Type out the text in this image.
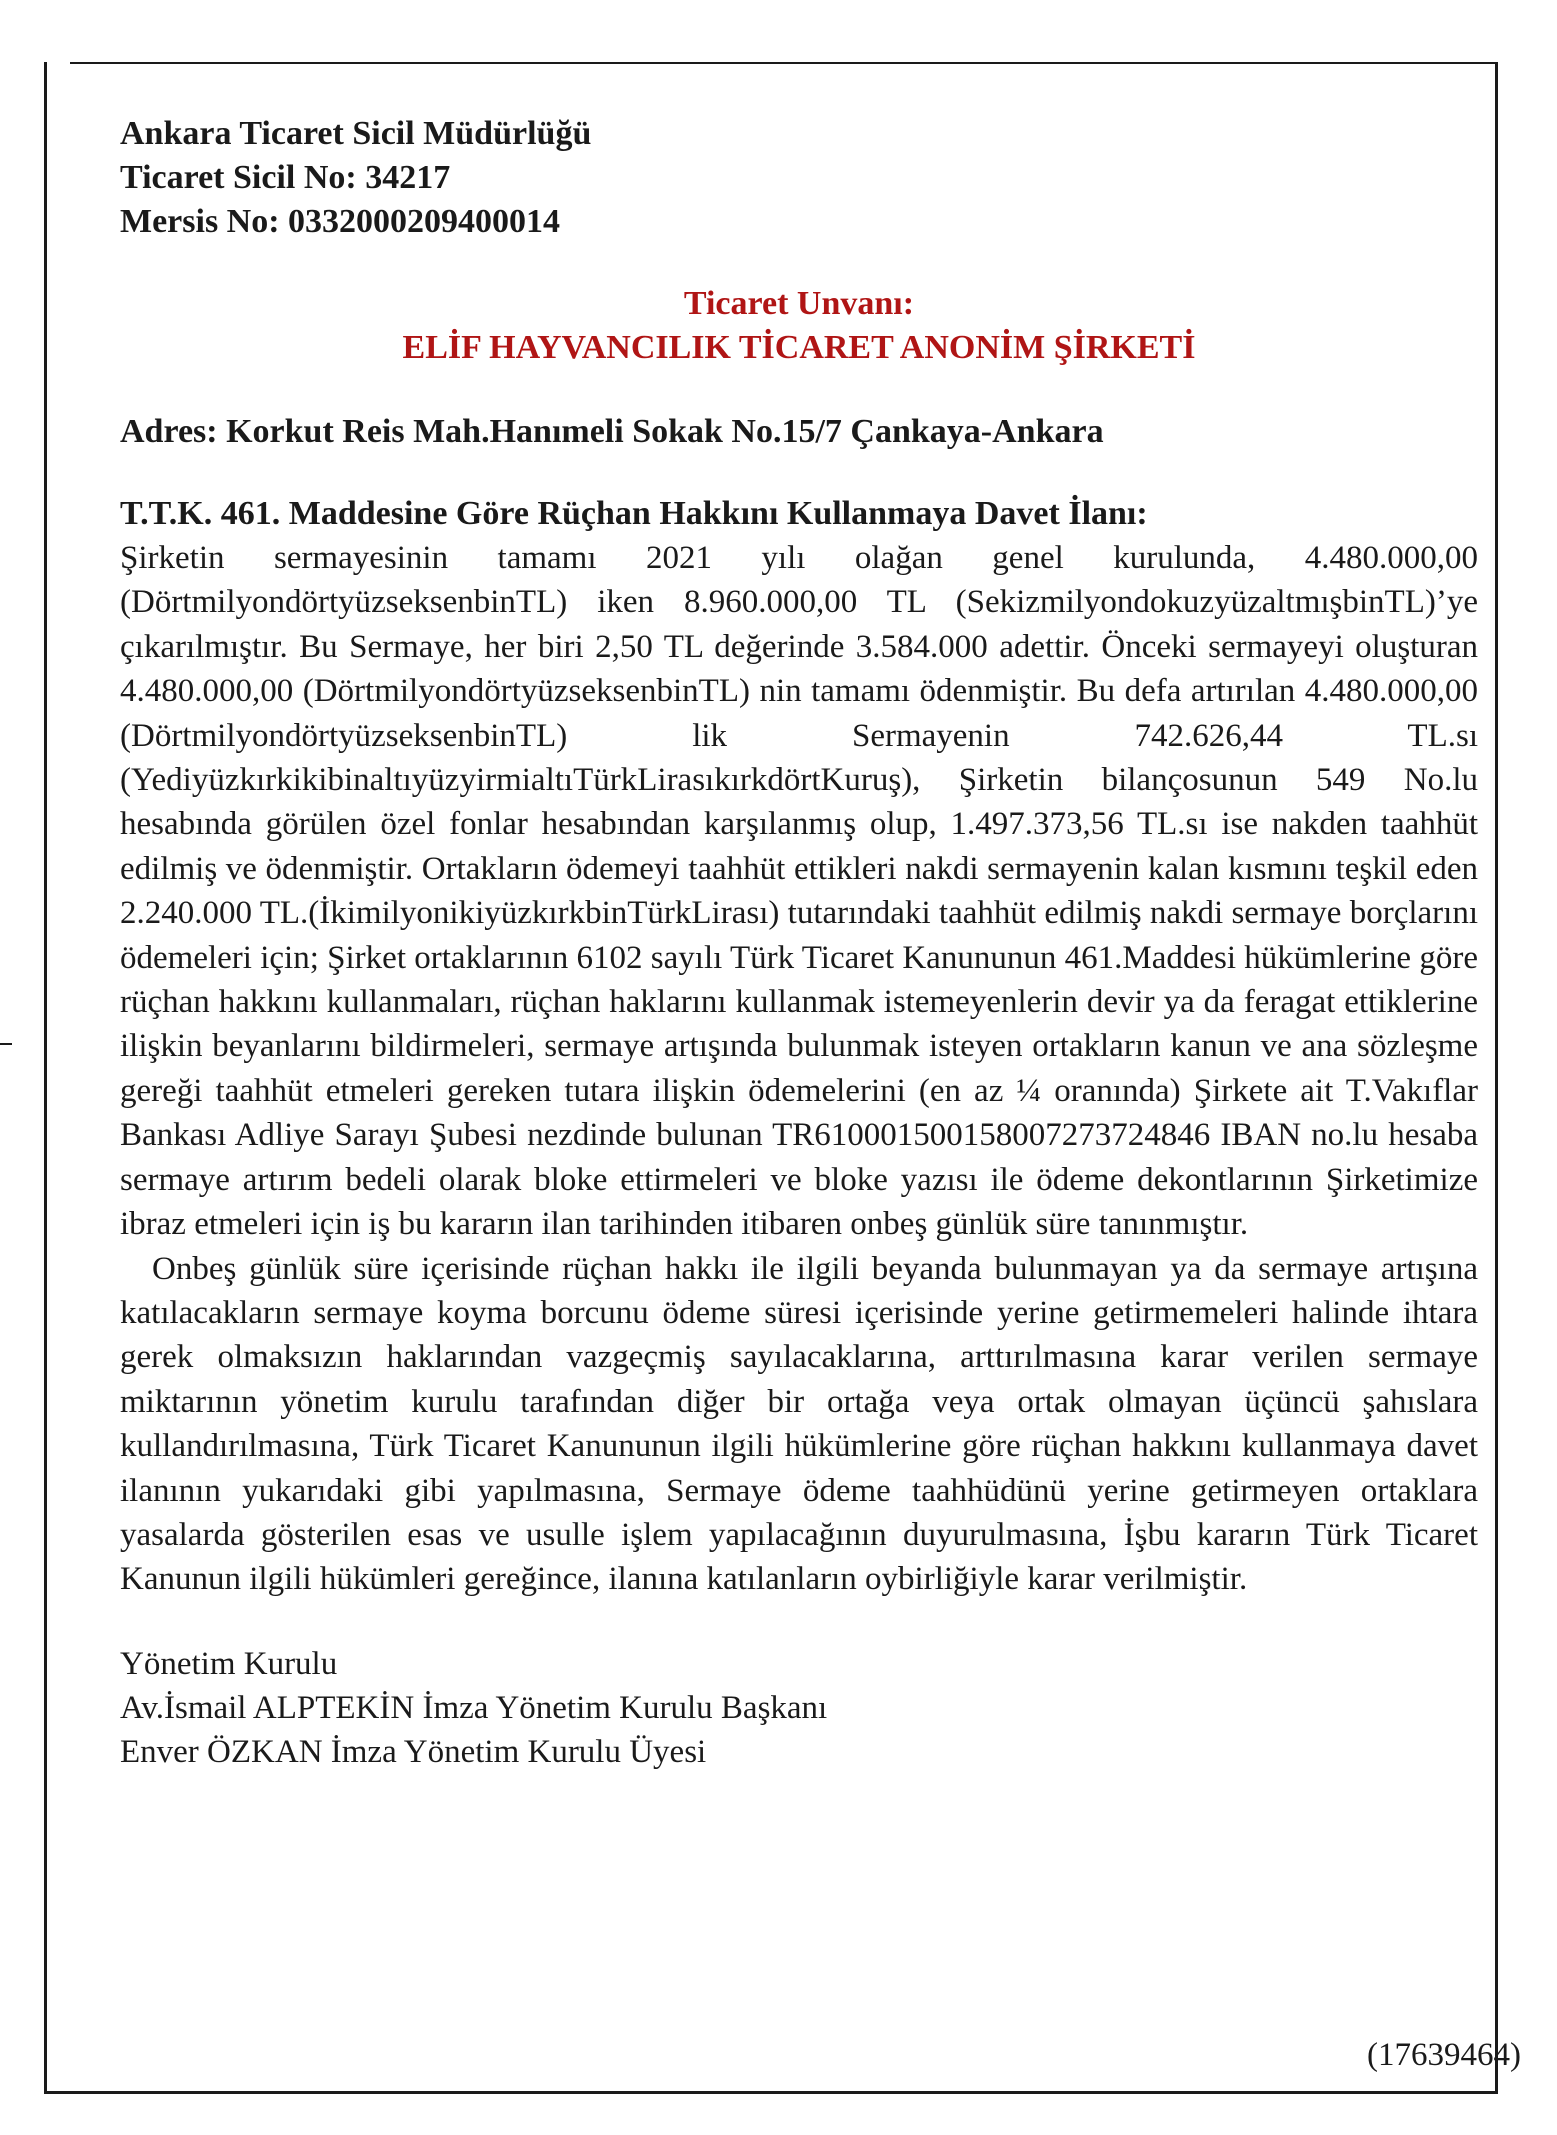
Ankara Ticaret Sicil Müdürlüğü
Ticaret Sicil No: 34217
Mersis No: 0332000209400014
Ticaret Unvanı:
ELİF HAYVANCILIK TİCARET ANONİM ŞİRKETİ
Adres: Korkut Reis Mah.Hanımeli Sokak No.15/7 Çankaya-Ankara
T.T.K. 461. Maddesine Göre Rüçhan Hakkını Kullanmaya Davet İlanı:

Şirketin sermayesinin tamamı 2021 yılı olağan genel kurulunda, 4.480.000,00 (DörtmilyondörtyüzseksenbinTL) iken 8.960.000,00 TL (SekizmilyondokuzyüzaltmışbinTL)’ye çıkarılmıştır. Bu Sermaye, her biri 2,50 TL değerinde 3.584.000 adettir. Önceki sermayeyi oluşturan 4.480.000,00 (DörtmilyondörtyüzseksenbinTL) nin tamamı ödenmiştir. Bu defa artırılan 4.480.000,00 (DörtmilyondörtyüzseksenbinTL) lik Sermayenin 742.626,44 TL.sı (YediyüzkırkikibinaltıyüzyirmialtıTürkLirasıkırkdörtKuruş), Şirketin bilançosunun 549 No.lu hesabında görülen özel fonlar hesabından karşılanmış olup, 1.497.373,56 TL.sı ise nakden taahhüt edilmiş ve ödenmiştir. Ortakların ödemeyi taahhüt ettikleri nakdi sermayenin kalan kısmını teşkil eden 2.240.000 TL.(İkimilyonikiyüzkırkbinTürkLirası) tutarındaki taahhüt edilmiş nakdi sermaye borçlarını ödemeleri için; Şirket ortaklarının 6102 sayılı Türk Ticaret Kanununun 461.Maddesi hükümlerine göre rüçhan hakkını kullanmaları, rüçhan haklarını kullanmak istemeyenlerin devir ya da feragat ettiklerine ilişkin beyanlarını bildirmeleri, sermaye artışında bulunmak isteyen ortakların kanun ve ana sözleşme gereği taahhüt etmeleri gereken tutara ilişkin ödemelerini (en az ¼ oranında) Şirkete ait T.Vakıflar Bankası Adliye Sarayı Şubesi nezdinde bulunan TR610001500158007273724846 IBAN no.lu hesaba sermaye artırım bedeli olarak bloke ettirmeleri ve bloke yazısı ile ödeme dekontlarının Şirketimize ibraz etmeleri için iş bu kararın ilan tarihinden itibaren onbeş günlük süre tanınmıştır.

Onbeş günlük süre içerisinde rüçhan hakkı ile ilgili beyanda bulunmayan ya da sermaye artışına katılacakların sermaye koyma borcunu ödeme süresi içerisinde yerine getirmemeleri halinde ihtara gerek olmaksızın haklarından vazgeçmiş sayılacaklarına, arttırılmasına karar verilen sermaye miktarının yönetim kurulu tarafından diğer bir ortağa veya ortak olmayan üçüncü şahıslara kullandırılmasına, Türk Ticaret Kanununun ilgili hükümlerine göre rüçhan hakkını kullanmaya davet ilanının yukarıdaki gibi yapılmasına, Sermaye ödeme taahhüdünü yerine getirmeyen ortaklara yasalarda gösterilen esas ve usulle işlem yapılacağının duyurulmasına, İşbu kararın Türk Ticaret Kanunun ilgili hükümleri gereğince, ilanına katılanların oybirliğiyle karar verilmiştir.

Yönetim Kurulu
Av.İsmail ALPTEKİN İmza Yönetim Kurulu Başkanı
Enver ÖZKAN İmza Yönetim Kurulu Üyesi
(17639464)
